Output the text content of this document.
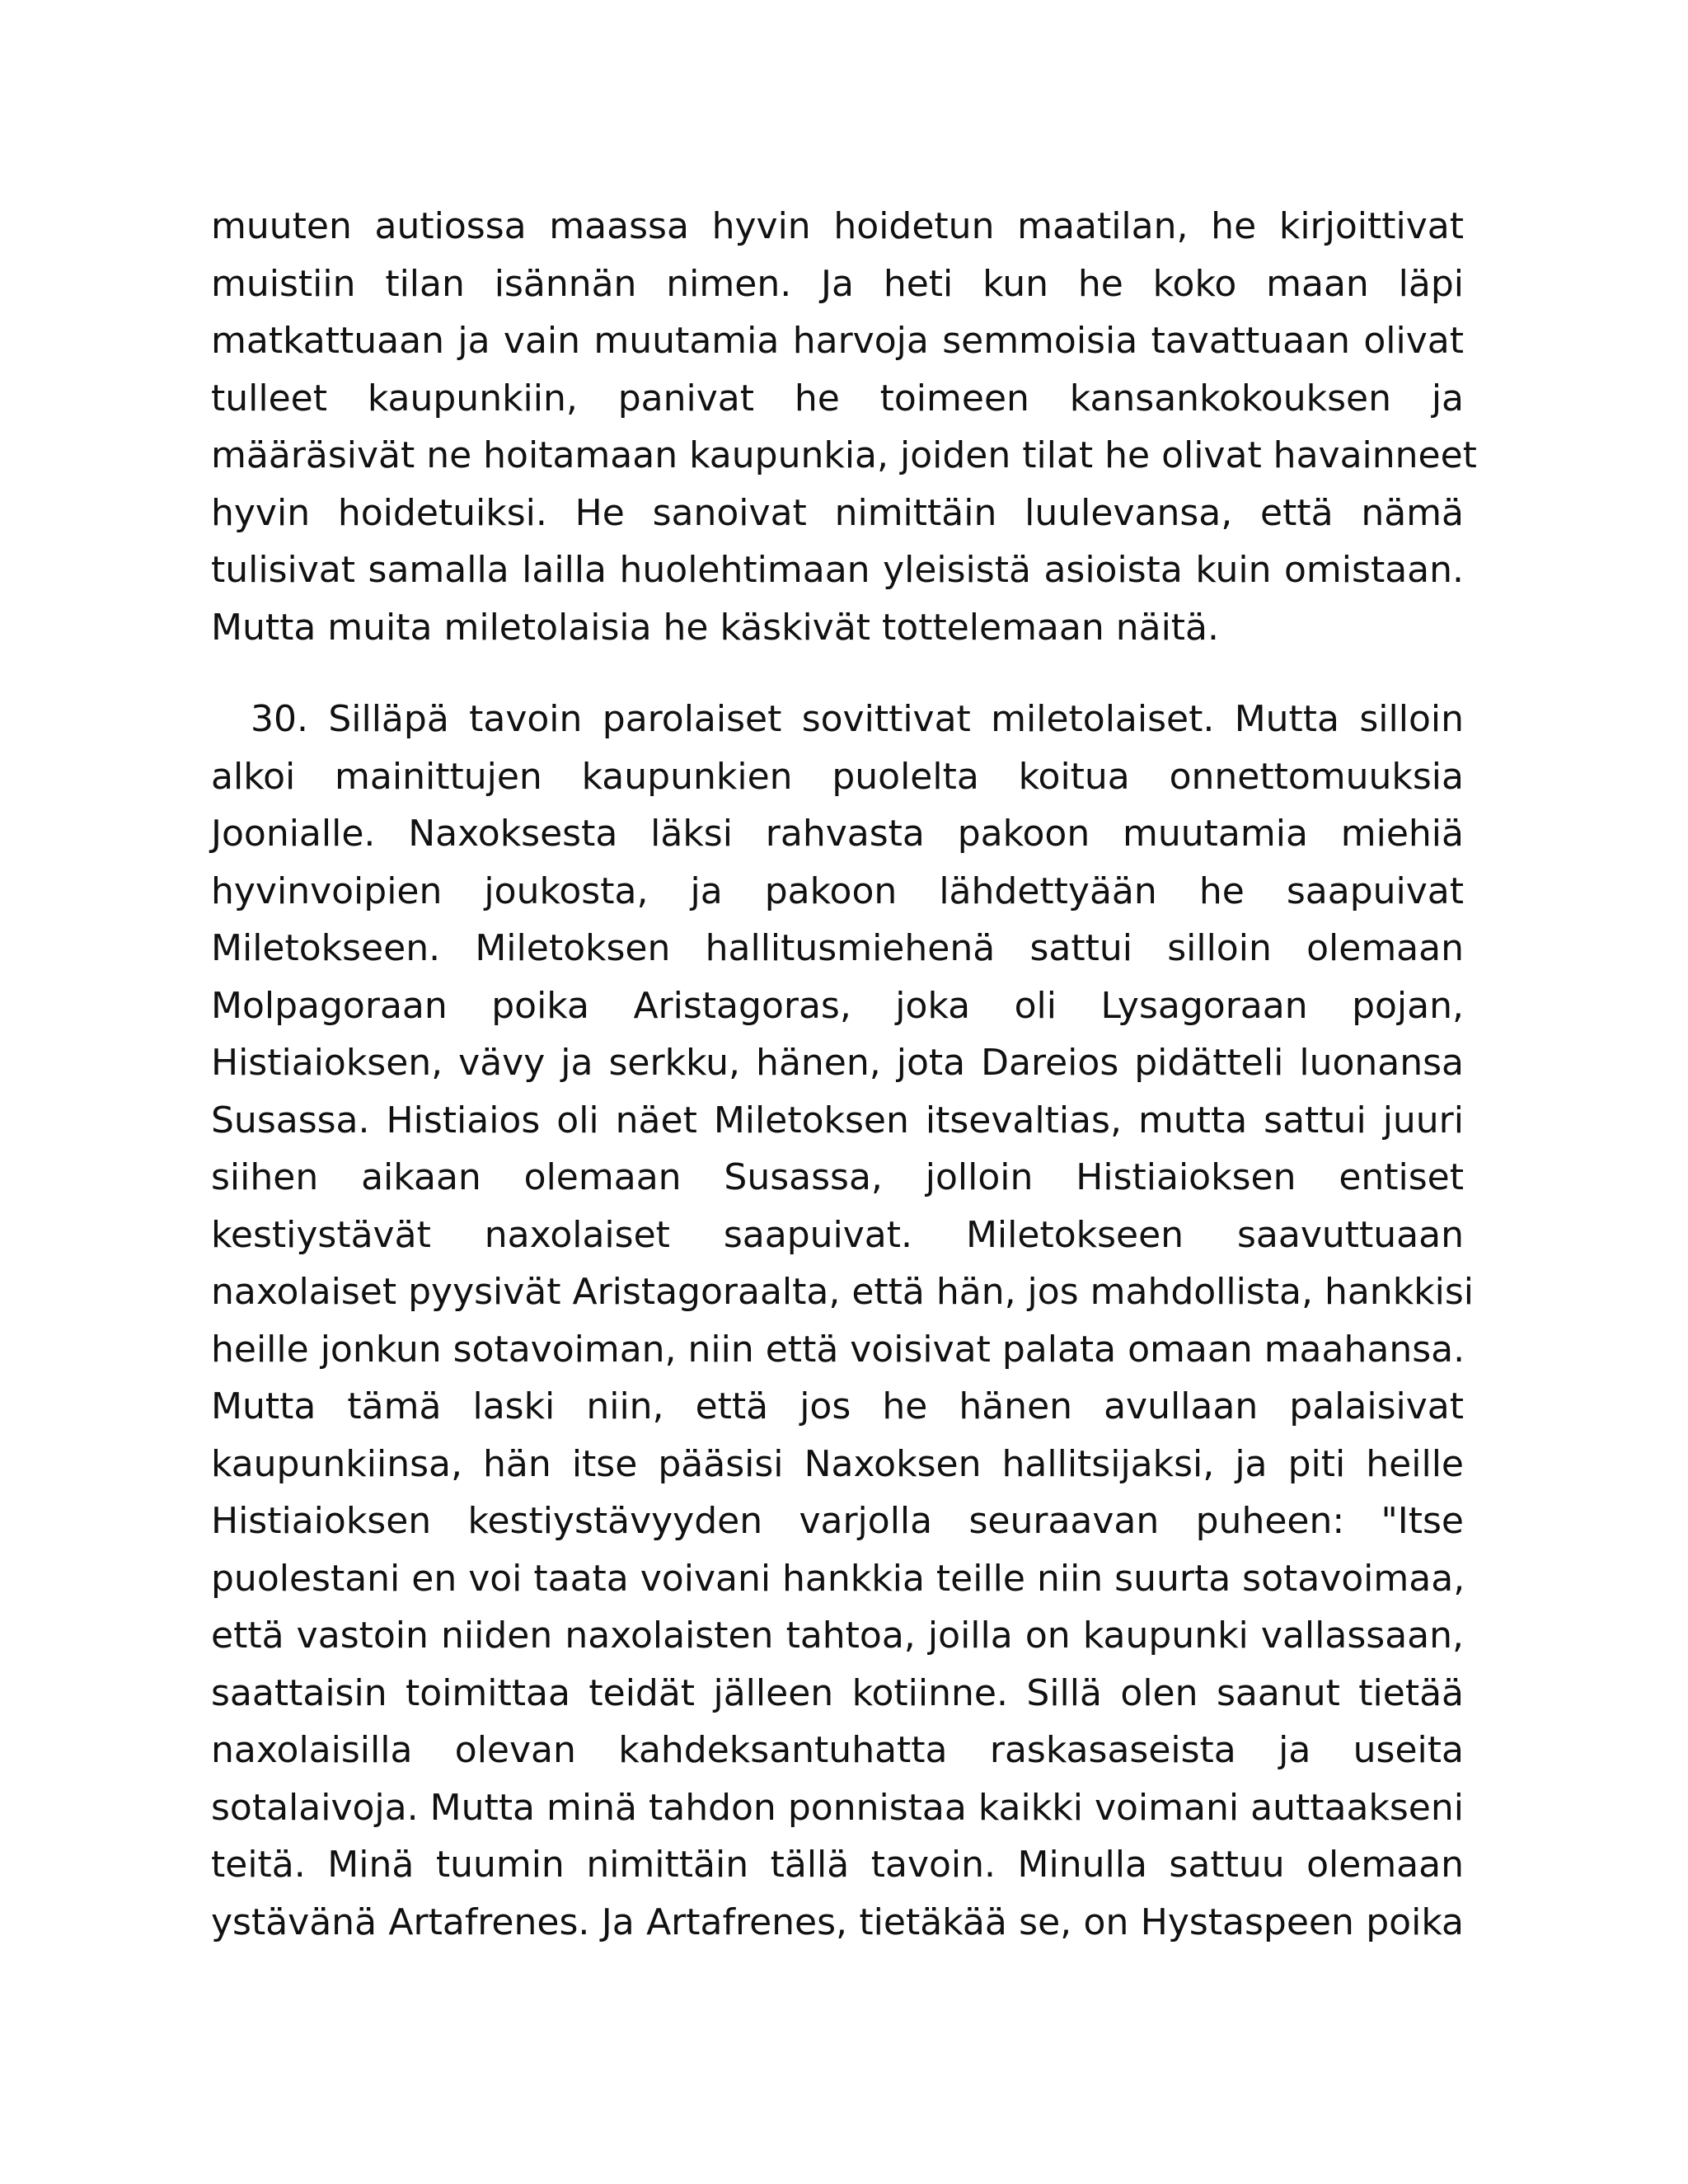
muuten autiossa maassa hyvin hoidetun maatilan, he kirjoittivat
muistiin tilan isännän nimen. Ja heti kun he koko maan läpi
matkattuaan ja vain muutamia harvoja semmoisia tavattuaan olivat
tulleet kaupunkiin, panivat he toimeen kansankokouksen ja
määräsivät ne hoitamaan kaupunkia, joiden tilat he olivat havainneet
hyvin hoidetuiksi. He sanoivat nimittäin luulevansa, että nämä
tulisivat samalla lailla huolehtimaan yleisistä asioista kuin omistaan.
Mutta muita miletolaisia he käskivät tottelemaan näitä.
30. Silläpä tavoin parolaiset sovittivat miletolaiset. Mutta silloin
alkoi mainittujen kaupunkien puolelta koitua onnettomuuksia
Joonialle. Naxoksesta läksi rahvasta pakoon muutamia miehiä
hyvinvoipien joukosta, ja pakoon lähdettyään he saapuivat
Miletokseen. Miletoksen hallitusmiehenä sattui silloin olemaan
Molpagoraan poika Aristagoras, joka oli Lysagoraan pojan,
Histiaioksen, vävy ja serkku, hänen, jota Dareios pidätteli luonansa
Susassa. Histiaios oli näet Miletoksen itsevaltias, mutta sattui juuri
siihen aikaan olemaan Susassa, jolloin Histiaioksen entiset
kestiystävät naxolaiset saapuivat. Miletokseen saavuttuaan
naxolaiset pyysivät Aristagoraalta, että hän, jos mahdollista, hankkisi
heille jonkun sotavoiman, niin että voisivat palata omaan maahansa.
Mutta tämä laski niin, että jos he hänen avullaan palaisivat
kaupunkiinsa, hän itse pääsisi Naxoksen hallitsijaksi, ja piti heille
Histiaioksen kestiystävyyden varjolla seuraavan puheen: "Itse
puolestani en voi taata voivani hankkia teille niin suurta sotavoimaa,
että vastoin niiden naxolaisten tahtoa, joilla on kaupunki vallassaan,
saattaisin toimittaa teidät jälleen kotiinne. Sillä olen saanut tietää
naxolaisilla olevan kahdeksantuhatta raskasaseista ja useita
sotalaivoja. Mutta minä tahdon ponnistaa kaikki voimani auttaakseni
teitä. Minä tuumin nimittäin tällä tavoin. Minulla sattuu olemaan
ystävänä Artafrenes. Ja Artafrenes, tietäkää se, on Hystaspeen poika
